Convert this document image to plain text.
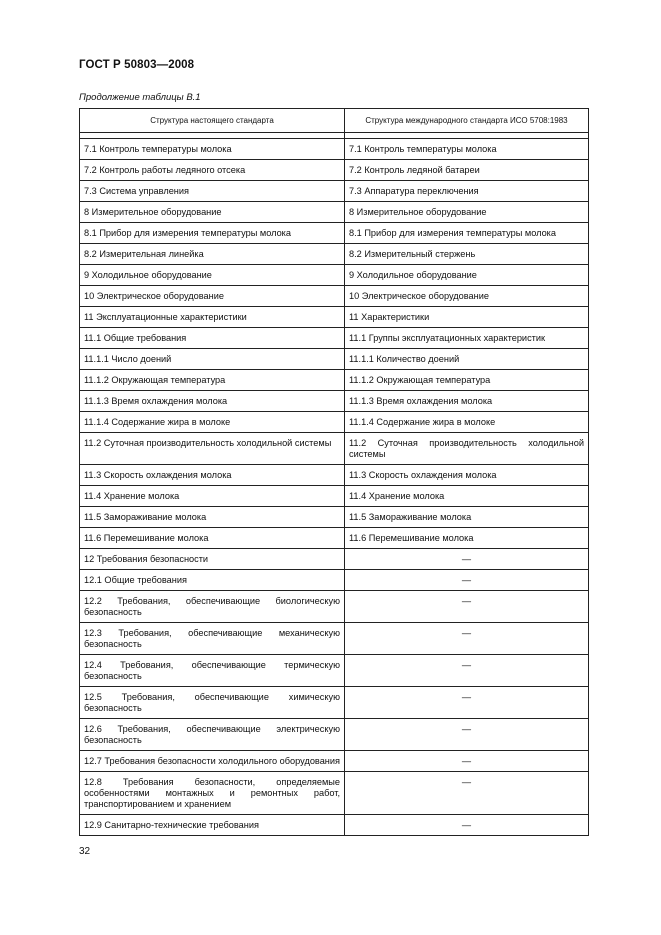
ГОСТ Р 50803—2008
Продолжение таблицы В.1
Структура настоящего стандарта	Структура международного стандарта ИСО 5708:1983

7.1 Контроль температуры молока	7.1 Контроль температуры молока
7.2 Контроль работы ледяного отсека	7.2 Контроль ледяной батареи
7.3 Система управления	7.3 Аппаратура переключения
8 Измерительное оборудование	8 Измерительное оборудование
8.1 Прибор для измерения температуры молока	8.1 Прибор для измерения температуры молока
8.2 Измерительная линейка	8.2 Измерительный стержень
9 Холодильное оборудование	9 Холодильное оборудование
10 Электрическое оборудование	10 Электрическое оборудование
11 Эксплуатационные характеристики	11 Характеристики
11.1 Общие требования	11.1 Группы эксплуатационных характеристик
11.1.1 Число доений	11.1.1 Количество доений
11.1.2 Окружающая температура	11.1.2 Окружающая температура
11.1.3 Время охлаждения молока	11.1.3 Время охлаждения молока
11.1.4 Содержание жира в молоке	11.1.4 Содержание жира в молоке
11.2 Суточная производительность холодильной системы	11.2 Суточная производительность холодильной системы
11.3 Скорость охлаждения молока	11.3 Скорость охлаждения молока
11.4 Хранение молока	11.4 Хранение молока
11.5 Замораживание молока	11.5 Замораживание молока
11.6 Перемешивание молока	11.6 Перемешивание молока
12 Требования безопасности	—
12.1 Общие требования	—
12.2 Требования, обеспечивающие биологическую безопасность	—
12.3 Требования, обеспечивающие механическую безопасность	—
12.4 Требования, обеспечивающие термическую безопасность	—
12.5 Требования, обеспечивающие химическую безопасность	—
12.6 Требования, обеспечивающие электрическую безопасность	—
12.7 Требования безопасности холодильного оборудования	—
12.8 Требования безопасности, определяемые особенностями монтажных и ремонтных работ, транспортированием и хранением	—
12.9 Санитарно-технические требования	—
32
